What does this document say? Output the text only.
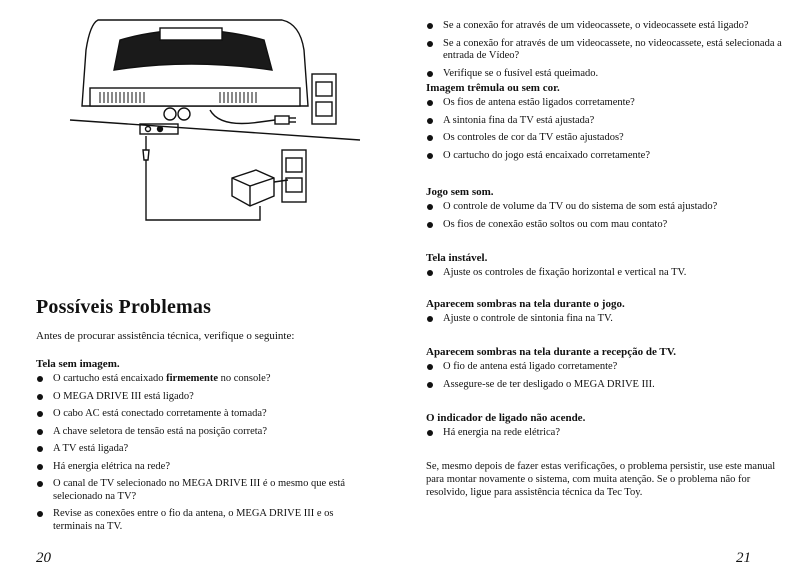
Possíveis Problemas

Antes de procurar assistência técnica, verifique o seguinte:

Tela sem imagem.

O cartucho está encaixado firmemente no console?
O MEGA DRIVE III está ligado?
O cabo AC está conectado corretamente à tomada?
A chave seletora de tensão está na posição correta?
A TV está ligada?
Há energia elétrica na rede?
O canal de TV selecionado no MEGA DRIVE III é o mesmo que está selecionado na TV?
Revise as conexões entre o fio da antena, o MEGA DRIVE III e os terminais na TV.
20
Se a conexão for através de um videocassete, o videocassete está ligado?
Se a conexão for através de um videocassete, no videocassete, está selecionada a entrada de Vídeo?
Verifique se o fusível está queimado.

Imagem trêmula ou sem cor.

Os fios de antena estão ligados corretamente?
A sintonia fina da TV está ajustada?
Os controles de cor da TV estão ajustados?
O cartucho do jogo está encaixado corretamente?

Jogo sem som.

O controle de volume da TV ou do sistema de som está ajustado?
Os fios de conexão estão soltos ou com mau contato?

Tela instável.

Ajuste os controles de fixação horizontal e vertical na TV.

Aparecem sombras na tela durante o jogo.

Ajuste o controle de sintonia fina na TV.

Aparecem sombras na tela durante a recepção de TV.

O fio de antena está ligado corretamente?
Assegure-se de ter desligado o MEGA DRIVE III.

O indicador de ligado não acende.

Há energia na rede elétrica?

Se, mesmo depois de fazer estas verificações, o problema persistir, use este manual para montar novamente o sistema, com muita atenção. Se o problema não for resolvido, ligue para assistência técnica da Tec Toy.

21
